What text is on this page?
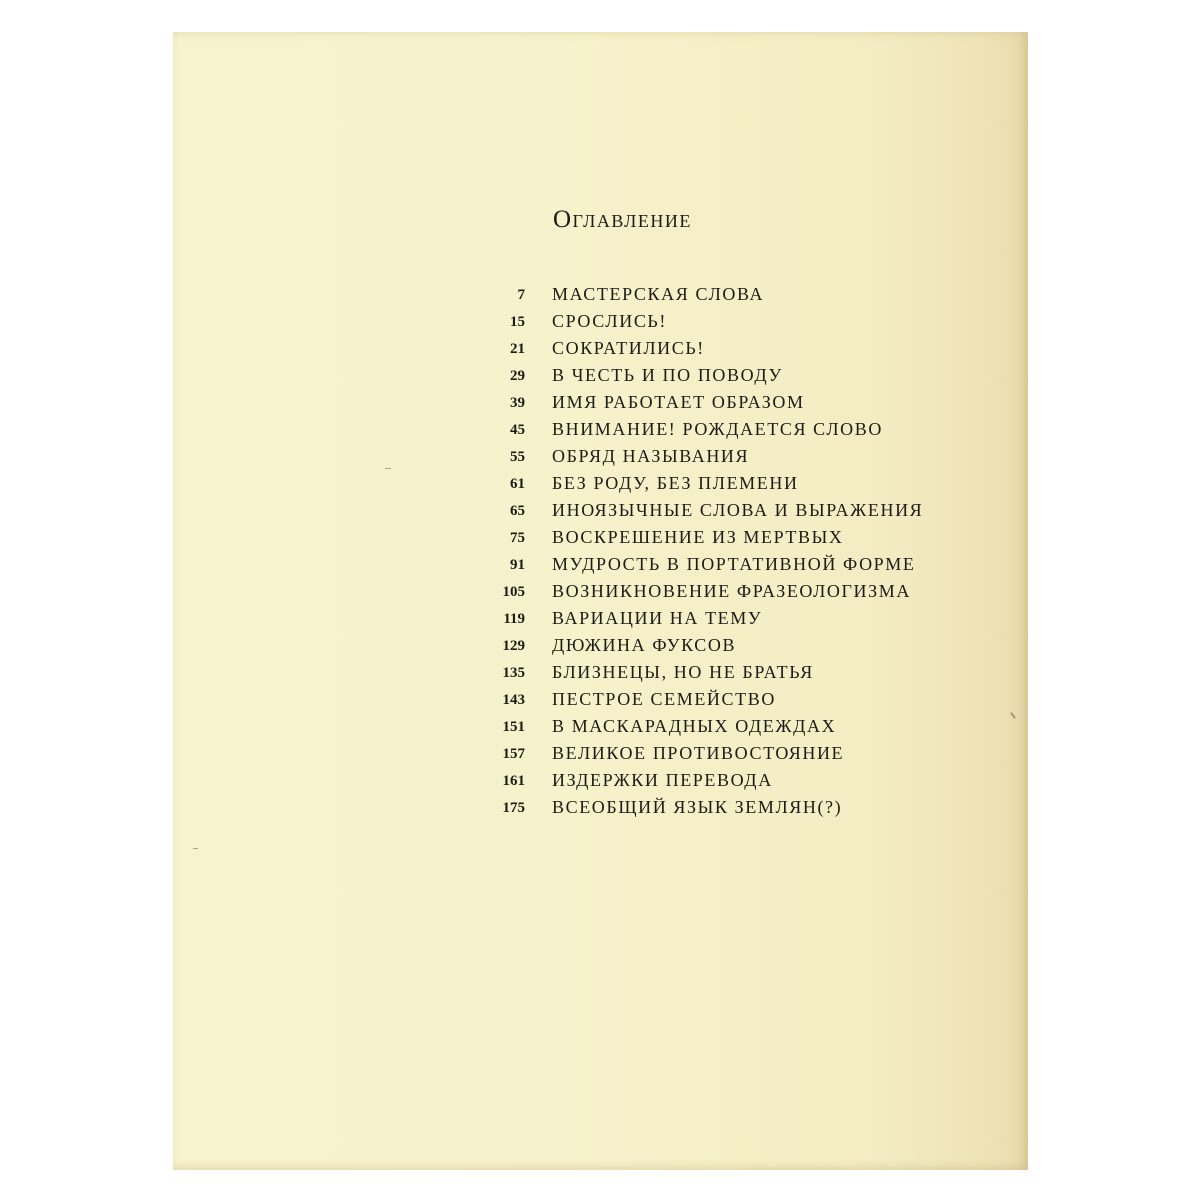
Оглавление
7 МАСТЕРСКАЯ СЛОВА
15 СРОСЛИСЬ!
21 СОКРАТИЛИСЬ!
29 В ЧЕСТЬ И ПО ПОВОДУ
39 ИМЯ РАБОТАЕТ ОБРАЗОМ
45 ВНИМАНИЕ! РОЖДАЕТСЯ СЛОВО
55 ОБРЯД НАЗЫВАНИЯ
61 БЕЗ РОДУ, БЕЗ ПЛЕМЕНИ
65 ИНОЯЗЫЧНЫЕ СЛОВА И ВЫРАЖЕНИЯ
75 ВОСКРЕШЕНИЕ ИЗ МЕРТВЫХ
91 МУДРОСТЬ В ПОРТАТИВНОЙ ФОРМЕ
105 ВОЗНИКНОВЕНИЕ ФРАЗЕОЛОГИЗМА
119 ВАРИАЦИИ НА ТЕМУ
129 ДЮЖИНА ФУКСОВ
135 БЛИЗНЕЦЫ, НО НЕ БРАТЬЯ
143 ПЕСТРОЕ СЕМЕЙСТВО
151 В МАСКАРАДНЫХ ОДЕЖДАХ
157 ВЕЛИКОЕ ПРОТИВОСТОЯНИЕ
161 ИЗДЕРЖКИ ПЕРЕВОДА
175 ВСЕОБЩИЙ ЯЗЫК ЗЕМЛЯН(?)
